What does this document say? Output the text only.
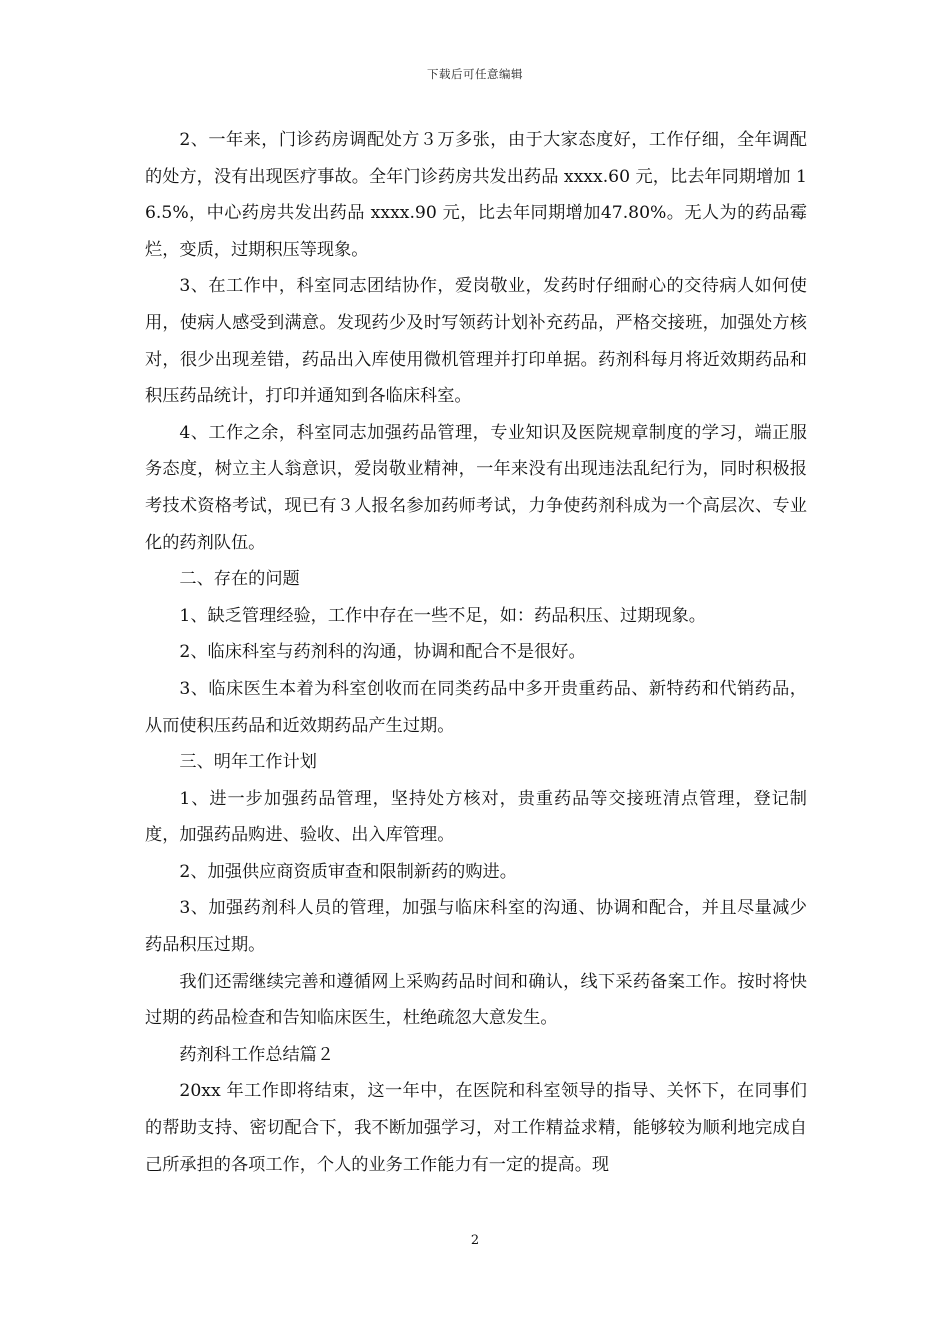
下载后可任意编辑

2、一年来，门诊药房调配处方３万多张，由于大家态度好，工作仔细，全年调配的处方，没有出现医疗事故。全年门诊药房共发出药品 xxxx.60 元，比去年同期增加 16.5%，中心药房共发出药品 xxxx.90 元，比去年同期增加47.80%。无人为的药品霉烂，变质，过期积压等现象。

3、在工作中，科室同志团结协作，爱岗敬业，发药时仔细耐心的交待病人如何使用，使病人感受到满意。发现药少及时写领药计划补充药品，严格交接班，加强处方核对，很少出现差错，药品出入库使用微机管理并打印单据。药剂科每月将近效期药品和积压药品统计，打印并通知到各临床科室。

4、工作之余，科室同志加强药品管理，专业知识及医院规章制度的学习，端正服务态度，树立主人翁意识，爱岗敬业精神，一年来没有出现违法乱纪行为，同时积极报考技术资格考试，现已有３人报名参加药师考试，力争使药剂科成为一个高层次、专业化的药剂队伍。

二、存在的问题

1、缺乏管理经验，工作中存在一些不足，如：药品积压、过期现象。

2、临床科室与药剂科的沟通，协调和配合不是很好。

3、临床医生本着为科室创收而在同类药品中多开贵重药品、新特药和代销药品，从而使积压药品和近效期药品产生过期。

三、明年工作计划

1、进一步加强药品管理，坚持处方核对，贵重药品等交接班清点管理，登记制度，加强药品购进、验收、出入库管理。

2、加强供应商资质审查和限制新药的购进。

3、加强药剂科人员的管理，加强与临床科室的沟通、协调和配合，并且尽量减少药品积压过期。

我们还需继续完善和遵循网上采购药品时间和确认，线下采药备案工作。按时将快过期的药品检查和告知临床医生，杜绝疏忽大意发生。

药剂科工作总结篇２

20xx 年工作即将结束，这一年中，在医院和科室领导的指导、关怀下，在同事们的帮助支持、密切配合下，我不断加强学习，对工作精益求精，能够较为顺利地完成自己所承担的各项工作，个人的业务工作能力有一定的提高。现

2
